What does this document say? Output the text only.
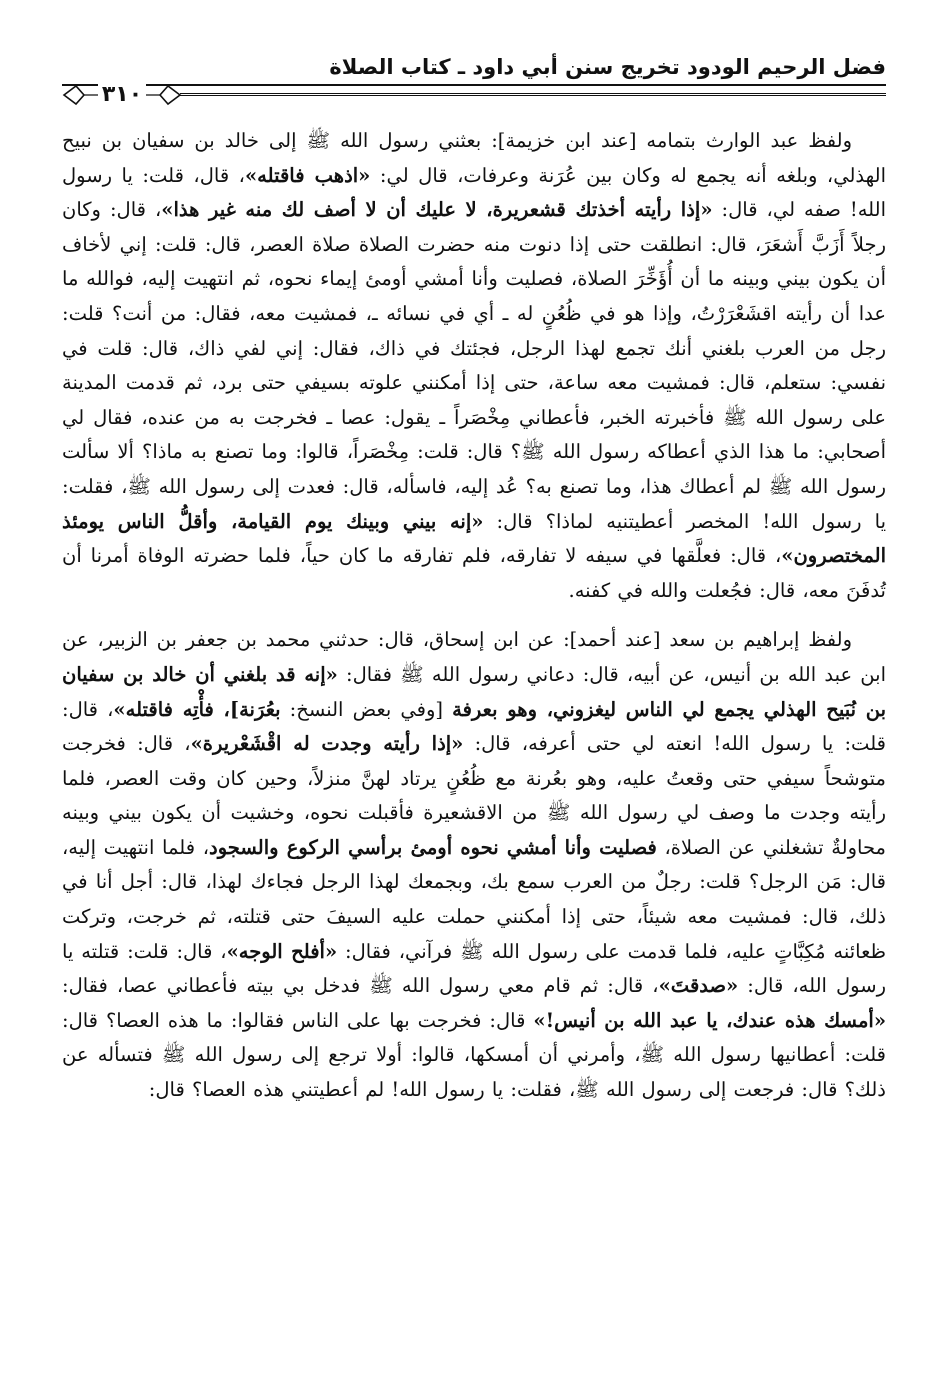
فضل الرحيم الودود تخريج سنن أبي داود ـ كتاب الصلاة
٣١٠

ولفظ عبد الوارث بتمامه [عند ابن خزيمة]: بعثني رسول الله ﷺ إلى خالد بن سفيان بن نبيح الهذلي، وبلغه أنه يجمع له وكان بين عُرَنة وعرفات، قال لي: «اذهب فاقتله»، قال، قلت: يا رسول الله! صفه لي، قال: «إذا رأيته أخذتك قشعريرة، لا عليك أن لا أصف لك منه غير هذا»، قال: وكان رجلاً أَزَبَّ أَشعَرَ، قال: انطلقت حتى إذا دنوت منه حضرت الصلاة صلاة العصر، قال: قلت: إني لأخاف أن يكون بيني وبينه ما أن أُؤَخِّرَ الصلاة، فصليت وأنا أمشي أومئ إيماء نحوه، ثم انتهيت إليه، فوالله ما عدا أن رأيته اقشَعْرَرْتُ، وإذا هو في ظُعُنٍ له ـ أي في نسائه ـ، فمشيت معه، فقال: من أنت؟ قلت: رجل من العرب بلغني أنك تجمع لهذا الرجل، فجئتك في ذاك، فقال: إني لفي ذاك، قال: قلت في نفسي: ستعلم، قال: فمشيت معه ساعة، حتى إذا أمكنني علوته بسيفي حتى برد، ثم قدمت المدينة على رسول الله ﷺ فأخبرته الخبر، فأعطاني مِخْصَراً ـ يقول: عصا ـ فخرجت به من عنده، فقال لي أصحابي: ما هذا الذي أعطاكه رسول الله ﷺ؟ قال: قلت: مِخْصَراً، قالوا: وما تصنع به ماذا؟ ألا سألت رسول الله ﷺ لم أعطاك هذا، وما تصنع به؟ عُد إليه، فاسأله، قال: فعدت إلى رسول الله ﷺ، فقلت: يا رسول الله! المخصر أعطيتنيه لماذا؟ قال: «إنه بيني وبينك يوم القيامة، وأقلُّ الناس يومئذ المختصرون»، قال: فعلَّقها في سيفه لا تفارقه، فلم تفارقه ما كان حياً، فلما حضرته الوفاة أمرنا أن تُدفَنَ معه، قال: فجُعلت والله في كفنه.

ولفظ إبراهيم بن سعد [عند أحمد]: عن ابن إسحاق، قال: حدثني محمد بن جعفر بن الزبير، عن ابن عبد الله بن أنيس، عن أبيه، قال: دعاني رسول الله ﷺ فقال: «إنه قد بلغني أن خالد بن سفيان بن نُبَيح الهذلي يجمع لي الناس ليغزوني، وهو بعرفة [وفي بعض النسخ: بعُرَنة]، فأْتِه فاقتله»، قال: قلت: يا رسول الله! انعته لي حتى أعرفه، قال: «إذا رأيته وجدت له اقْشَعْريرة»، قال: فخرجت متوشحاً سيفي حتى وقعتُ عليه، وهو بعُرنة مع ظُعُنٍ يرتاد لهنَّ منزلاً، وحين كان وقت العصر، فلما رأيته وجدت ما وصف لي رسول الله ﷺ من الاقشعيرة فأقبلت نحوه، وخشيت أن يكون بيني وبينه محاولةٌ تشغلني عن الصلاة، فصليت وأنا أمشي نحوه أومئ برأسي الركوع والسجود، فلما انتهيت إليه، قال: مَن الرجل؟ قلت: رجلٌ من العرب سمع بك، وبجمعك لهذا الرجل فجاءك لهذا، قال: أجل أنا في ذلك، قال: فمشيت معه شيئاً، حتى إذا أمكنني حملت عليه السيفَ حتى قتلته، ثم خرجت، وتركت ظعائنه مُكِبَّاتٍ عليه، فلما قدمت على رسول الله ﷺ فرآني، فقال: «أفلح الوجه»، قال: قلت: قتلته يا رسول الله، قال: «صدقتَ»، قال: ثم قام معي رسول الله ﷺ فدخل بي بيته فأعطاني عصا، فقال: «أمسك هذه عندك، يا عبد الله بن أنيس!» قال: فخرجت بها على الناس فقالوا: ما هذه العصا؟ قال: قلت: أعطانيها رسول الله ﷺ، وأمرني أن أمسكها، قالوا: أولا ترجع إلى رسول الله ﷺ فتسأله عن ذلك؟ قال: فرجعت إلى رسول الله ﷺ، فقلت: يا رسول الله! لم أعطيتني هذه العصا؟ قال:
